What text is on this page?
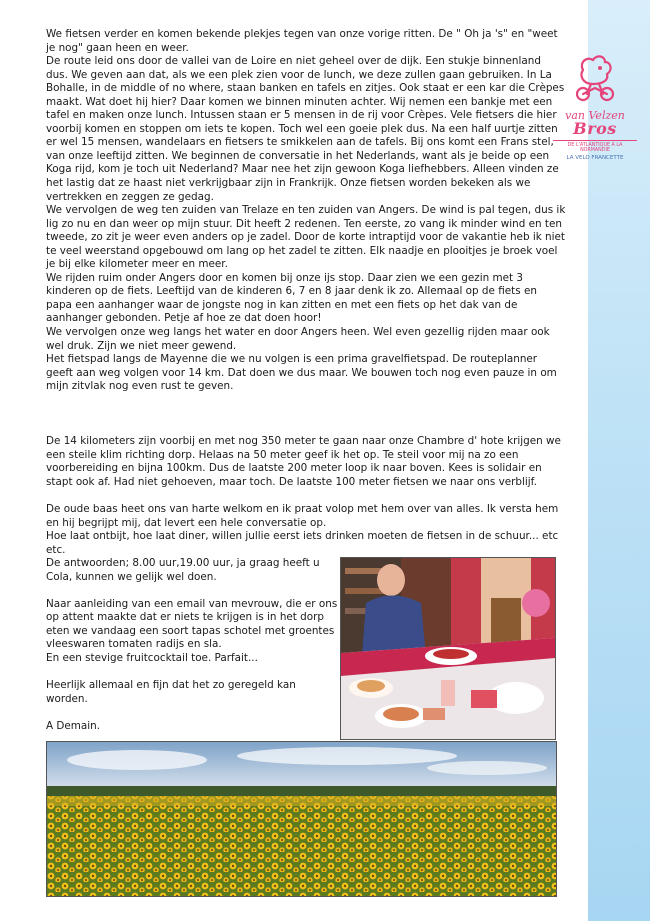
van Velzen
Bros
DE L'ATLANTIQUE À LA NORMANDIE
LA VELO FRANCETTE

We fietsen verder en komen bekende plekjes tegen van onze vorige ritten. De " Oh ja 's" en "weet je nog" gaan heen en weer.

De route leid ons door de vallei van de Loire en niet geheel over de dijk. Een stukje binnenland dus. We geven aan dat, als we een plek zien voor de lunch, we deze zullen gaan gebruiken. In La Bohalle, in de middle of no where, staan banken en tafels en zitjes. Ook staat er een kar die Crèpes maakt. Wat doet hij hier? Daar komen we binnen minuten achter. Wij nemen een bankje met een tafel en maken onze lunch. Intussen staan er 5 mensen in de rij voor Crèpes. Vele fietsers die hier voorbij komen en stoppen om iets te kopen. Toch wel een goeie plek dus. Na een half uurtje zitten er wel 15 mensen, wandelaars en fietsers te smikkelen aan de tafels. Bij ons komt een Frans stel, van onze leeftijd zitten. We beginnen de conversatie in het Nederlands, want als je beide op een Koga rijd, kom je toch uit Nederland? Maar nee het zijn gewoon Koga liefhebbers. Alleen vinden ze het lastig dat ze haast niet verkrijgbaar zijn in Frankrijk. Onze fietsen worden bekeken als we vertrekken en zeggen ze gedag.

We vervolgen de weg ten zuiden van Trelaze en ten zuiden van Angers. De wind is pal tegen, dus ik lig zo nu en dan weer op mijn stuur. Dit heeft 2 redenen. Ten eerste, zo vang ik minder wind en ten tweede, zo zit je weer even anders op je zadel. Door de korte intraptijd voor de vakantie heb ik niet te veel weerstand opgebouwd om lang op het zadel te zitten. Elk naadje en plooitjes je broek voel je bij elke kilometer meer en meer.

We rijden ruim onder Angers door en komen bij onze ijs stop. Daar zien we een gezin met 3 kinderen op de fiets. Leeftijd van de kinderen 6, 7 en 8 jaar denk ik zo. Allemaal op de fiets en papa een aanhanger waar de jongste nog in kan zitten en met een fiets op het dak van de aanhanger gebonden. Petje af hoe ze dat doen hoor!

We vervolgen onze weg langs het water en door Angers heen. Wel even gezellig rijden maar ook wel druk. Zijn we niet meer gewend.

Het fietspad langs de Mayenne die we nu volgen is een prima gravelfietspad. De routeplanner geeft aan weg volgen voor 14 km. Dat doen we dus maar. We bouwen toch nog even pauze in om mijn zitvlak nog even rust te geven.

De 14 kilometers zijn voorbij en met nog 350 meter te gaan naar onze Chambre d' hote krijgen we een steile klim richting dorp. Helaas na 50 meter geef ik het op. Te steil voor mij na zo een voorbereiding en bijna 100km. Dus de laatste 200 meter loop ik naar boven. Kees is solidair en stapt ook af. Had niet gehoeven, maar toch. De laatste 100 meter fietsen we naar ons verblijf.

De oude baas heet ons van harte welkom en ik praat volop met hem over van alles. Ik versta hem en hij begrijpt mij, dat levert een hele conversatie op.

Hoe laat ontbijt, hoe laat diner, willen jullie eerst iets drinken moeten de fietsen in de schuur... etc etc.

De antwoorden; 8.00 uur,19.00 uur, ja graag heeft u Cola, kunnen we gelijk wel doen.

Naar aanleiding van een email van mevrouw, die er ons op attent maakte dat er niets te krijgen is in het dorp eten we vandaag een soort tapas schotel met groentes vleeswaren tomaten radijs en sla.

En een stevige fruitcocktail toe. Parfait...

Heerlijk allemaal en fijn dat het zo geregeld kan worden.

A Demain.
